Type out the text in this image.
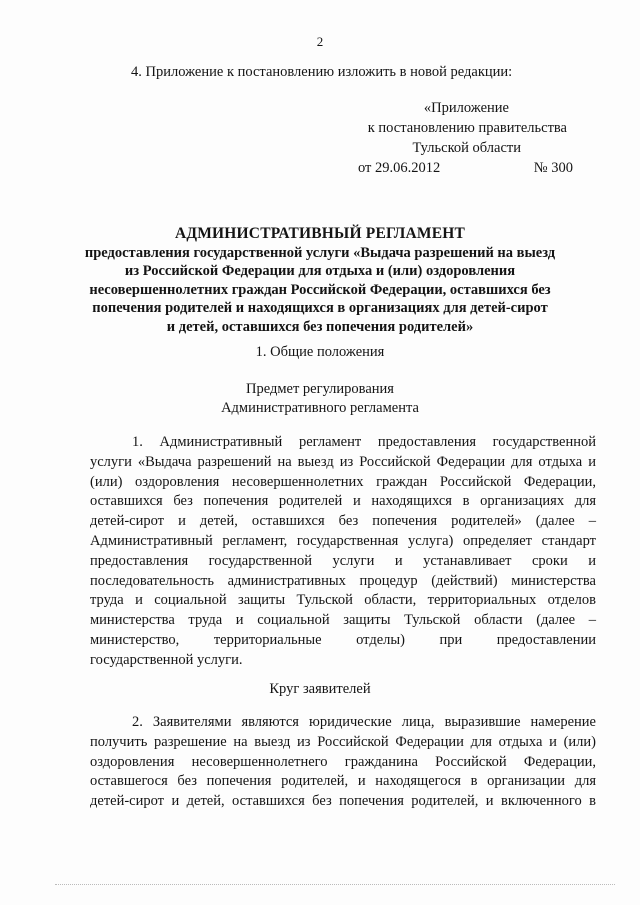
2
4. Приложение к постановлению изложить в новой редакции:
«Приложение
к постановлению правительства
Тульской области
от 29.06.2012	№ 300
АДМИНИСТРАТИВНЫЙ РЕГЛАМЕНТ
предоставления государственной услуги «Выдача разрешений на выезд
из Российской Федерации для отдыха и (или) оздоровления
несовершеннолетних граждан Российской Федерации, оставшихся без
попечения родителей и находящихся в организациях для детей-сирот
и детей, оставшихся без попечения родителей»
1. Общие положения
Предмет регулирования
Административного регламента
1. Административный регламент предоставления государственной
услуги «Выдача разрешений на выезд из Российской Федерации для отдыха и
(или) оздоровления несовершеннолетних граждан Российской Федерации,
оставшихся без попечения родителей и находящихся в организациях для
детей-сирот и детей, оставшихся без попечения родителей» (далее –
Административный регламент, государственная услуга) определяет стандарт
предоставления государственной услуги и устанавливает сроки и
последовательность административных процедур (действий) министерства
труда и социальной защиты Тульской области, территориальных отделов
министерства труда и социальной защиты Тульской области (далее –
министерство, территориальные отделы) при предоставлении
государственной услуги.
Круг заявителей
2. Заявителями являются юридические лица, выразившие намерение
получить разрешение на выезд из Российской Федерации для отдыха и (или)
оздоровления несовершеннолетнего гражданина Российской Федерации,
оставшегося без попечения родителей, и находящегося в организации для
детей-сирот и детей, оставшихся без попечения родителей, и включенного в
